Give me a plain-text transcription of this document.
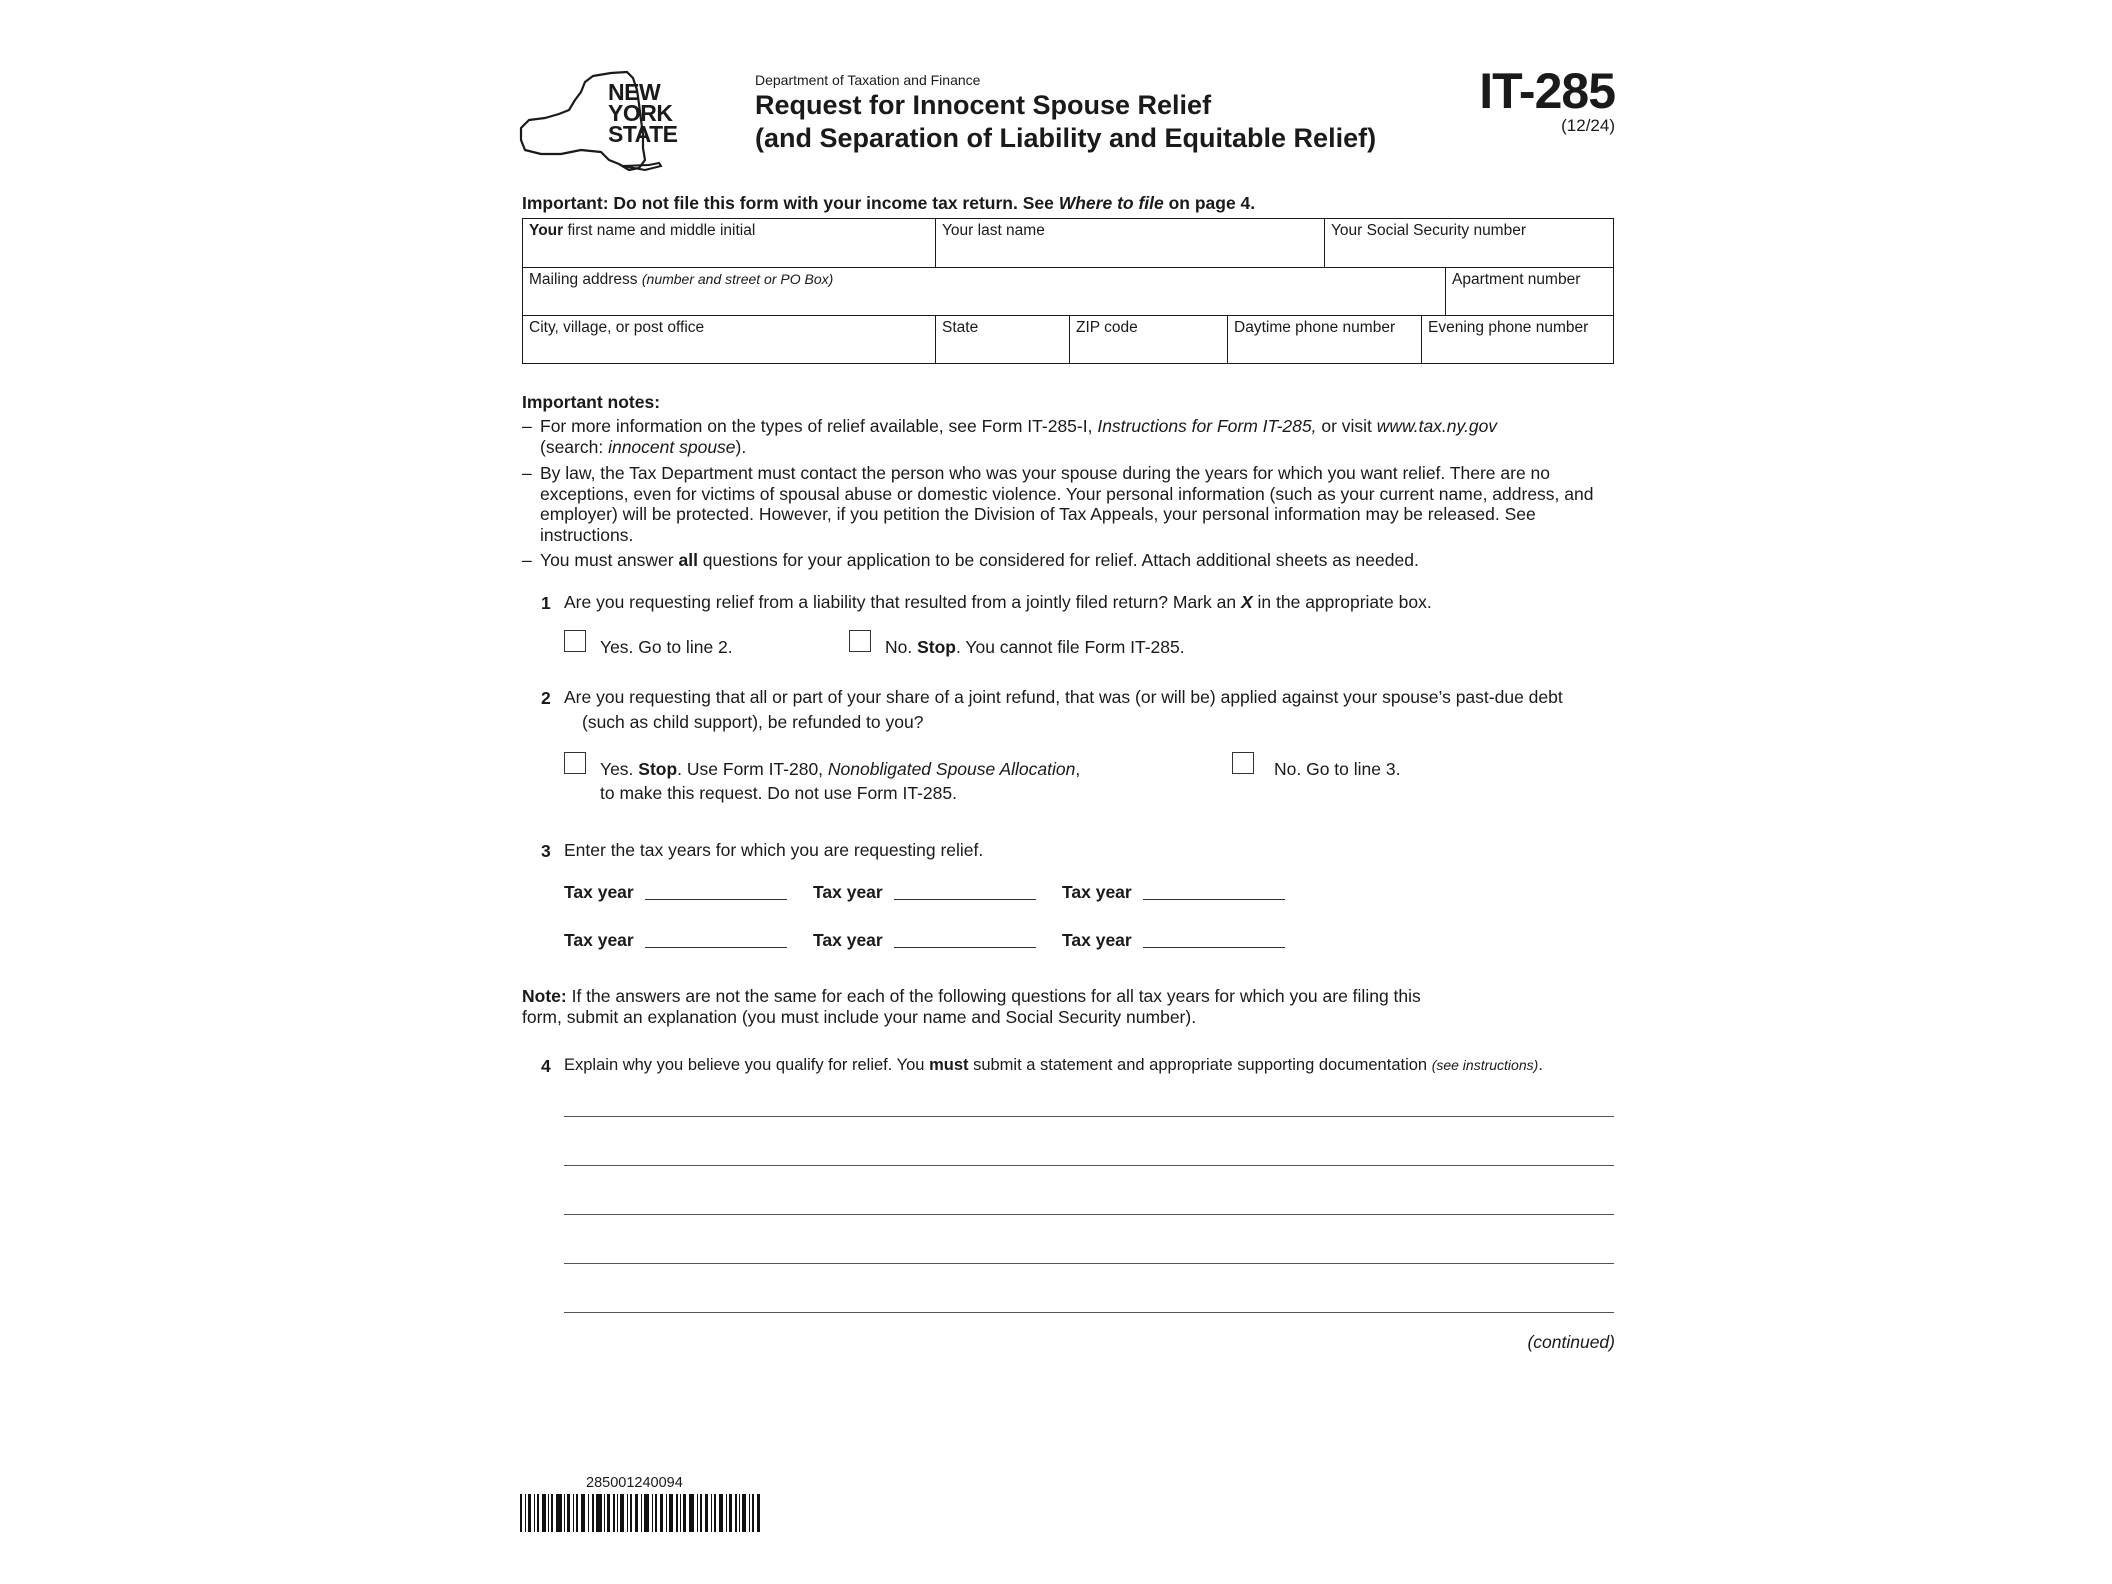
NEW
YORK
STATE
Department of Taxation and Finance
Request for Innocent Spouse Relief
(and Separation of Liability and Equitable Relief)
IT-285
(12/24)
Important: Do not file this form with your income tax return. See Where to file on page 4.
Your first name and middle initial	Your last name	Your Social Security number
Mailing address (number and street or PO Box)	Apartment number
City, village, or post office	State	ZIP code	Daytime phone number	Evening phone number
Important notes:
– For more information on the types of relief available, see Form IT-285-I, Instructions for Form IT-285, or visit www.tax.ny.gov
(search: innocent spouse).
– By law, the Tax Department must contact the person who was your spouse during the years for which you want relief. There are no exceptions, even for victims of spousal abuse or domestic violence. Your personal information (such as your current name, address, and employer) will be protected. However, if you petition the Division of Tax Appeals, your personal information may be released. See instructions.
– You must answer all questions for your application to be considered for relief. Attach additional sheets as needed.
1 Are you requesting relief from a liability that resulted from a jointly filed return? Mark an X in the appropriate box.
Yes. Go to line 2.	No. Stop. You cannot file Form IT-285.
2 Are you requesting that all or part of your share of a joint refund, that was (or will be) applied against your spouse’s past-due debt
(such as child support), be refunded to you?
Yes. Stop. Use Form IT-280, Nonobligated Spouse Allocation,
to make this request. Do not use Form IT-285.
No. Go to line 3.
3 Enter the tax years for which you are requesting relief.
Tax year	Tax year	Tax year
Tax year	Tax year	Tax year
Note: If the answers are not the same for each of the following questions for all tax years for which you are filing this form, submit an explanation (you must include your name and Social Security number).
4 Explain why you believe you qualify for relief. You must submit a statement and appropriate supporting documentation (see instructions).
(continued)
285001240094
